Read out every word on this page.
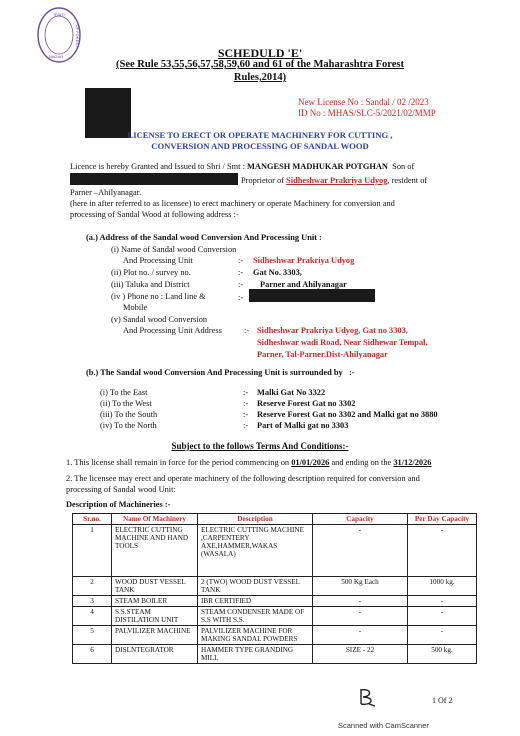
RVATI
OF FOREST
NAGAR	SCHEDULD 'E'
(See Rule 53,55,56,57,58,59,60 and 61 of the Maharashtra Forest
Rules,2014)
New License No : Sandal / 02 /2023
ID No : MHAS/SLC-5/2021/02/MMP
LICENSE TO ERECT OR OPERATE MACHINERY FOR CUTTING ,
CONVERSION AND PROCESSING OF SANDAL WOOD
Licence is hereby Granted and Issued to Shri / Smt : MANGESH MADHUKAR POTGHAN Son of
Proprietor of Sidheshwar Prakriya Udyog, resident of
Parner –Ahilyanagar.
(here in after referred to as licensee) to erect machinery or operate Machinery for conversion and
processing of Sandal Wood at following address :-
(a.) Address of the Sandal wood Conversion And Processing Unit :
(i) Name of Sandal wood Conversion
And Processing Unit	:- Sidheshwar Prakriya Udyog
(ii) Plot no. / survey no.	:- Gat No. 3303,
(iii) Taluka and District	:- Parner and Ahilyanagar
(iv ) Phone no : Land line &
Mobile
:-
(v) Sandal wood Conversion
And Processing Unit Address	:- Sidheshwar Prakriya Udyog, Gat no 3303,
Sidheshwar wadi Road, Near Sidhewar Tempal,
Parner, Tal-Parner.Dist-Ahilyanagar
(b.) The Sandal wood Conversion And Processing Unit is surrounded by :-
(i) To the East	:- Malki Gat No 3322
(ii) To the West	:- Reserve Forest Gat no 3302
(iii) To the South	:- Reserve Forest Gat no 3302 and Malki gat no 3880
(iv) To the North	:- Part of Malki gat no 3303
Subject to the follows Terms And Conditions:-
1. This license shall remain in force for the period commencing on 01/01/2026 and ending on the 31/12/2026
2. The licensee may erect and operate machinery of the following description required for conversion and
processing of Sandal wood Unit:
Description of Machineries :-
Sr.no.	Name Of Machinery	Description	Capacity	Per Day Capacity
1	ELECTRIC CUTTING MACHINE AND HAND TOOLS	ELECTRIC CUTTING MACHINE ,CARPENTERY AXE,HAMMER,WAKAS (WASALA)	-	-
2	WOOD DUST VESSEL TANK	2 (TWO) WOOD DUST VESSEL TANK	500 Kg Each	1000 kg.
3	STEAM BOILER	IBR CERTIFIED	-	-
4	S.S.STEAM DISTILATION UNIT	STEAM CONDENSER MADE OF S.S WITH S.S.	-	-
5	PALVILIZER MACHINE	PALVILIZER MACHINE FOR MAKING SANDAL POWDERS	-	-
6	DISLNTEGRATOR	HAMMER TYPE GRANDING MILL	SIZE - 22	500 kg.
1 Of 2
Scanned with CamScanner
